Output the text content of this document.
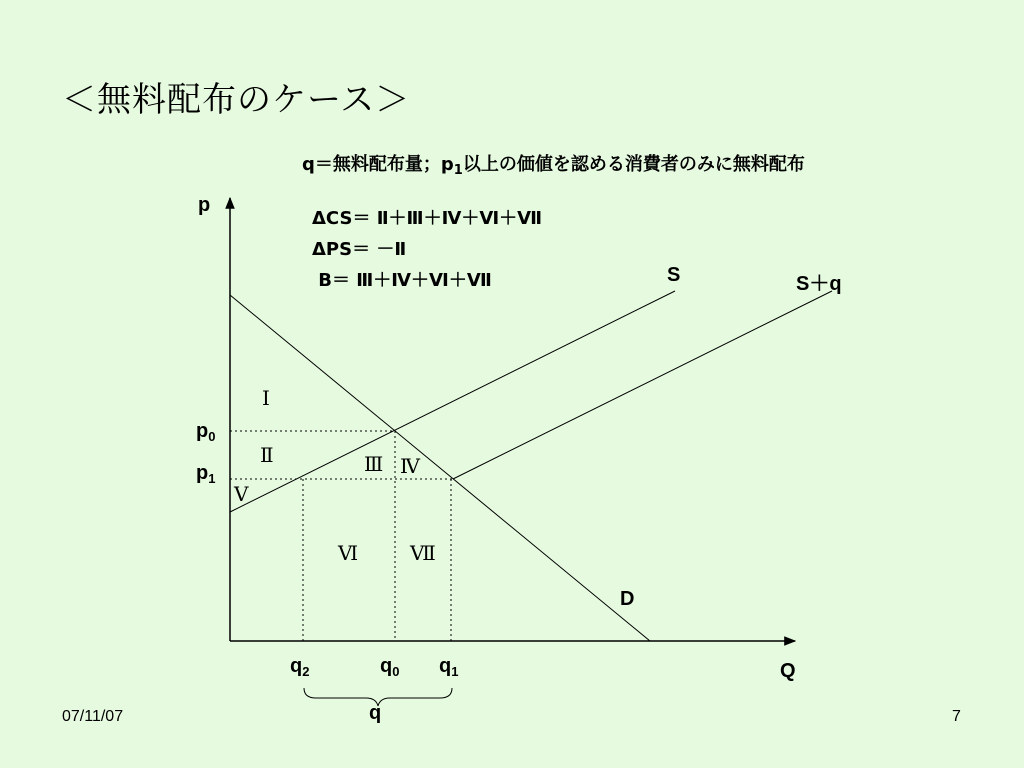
＜無料配布のケース＞
q＝無料配布量；$p_1$以上の価値を認める消費者のみに無料配布
ΔCS＝ Ⅱ＋Ⅲ＋Ⅳ＋Ⅵ＋Ⅶ
ΔPS＝ －Ⅱ
B＝ Ⅲ＋Ⅳ＋Ⅵ＋Ⅶ
p
Q
S	S＋q
D
$p_0$
$p_1$
$q_2$	$q_0$ $q_1$
q
Ⅰ
Ⅱ	Ⅲ Ⅳ
Ⅴ
Ⅵ	Ⅶ
07/11/07	7
